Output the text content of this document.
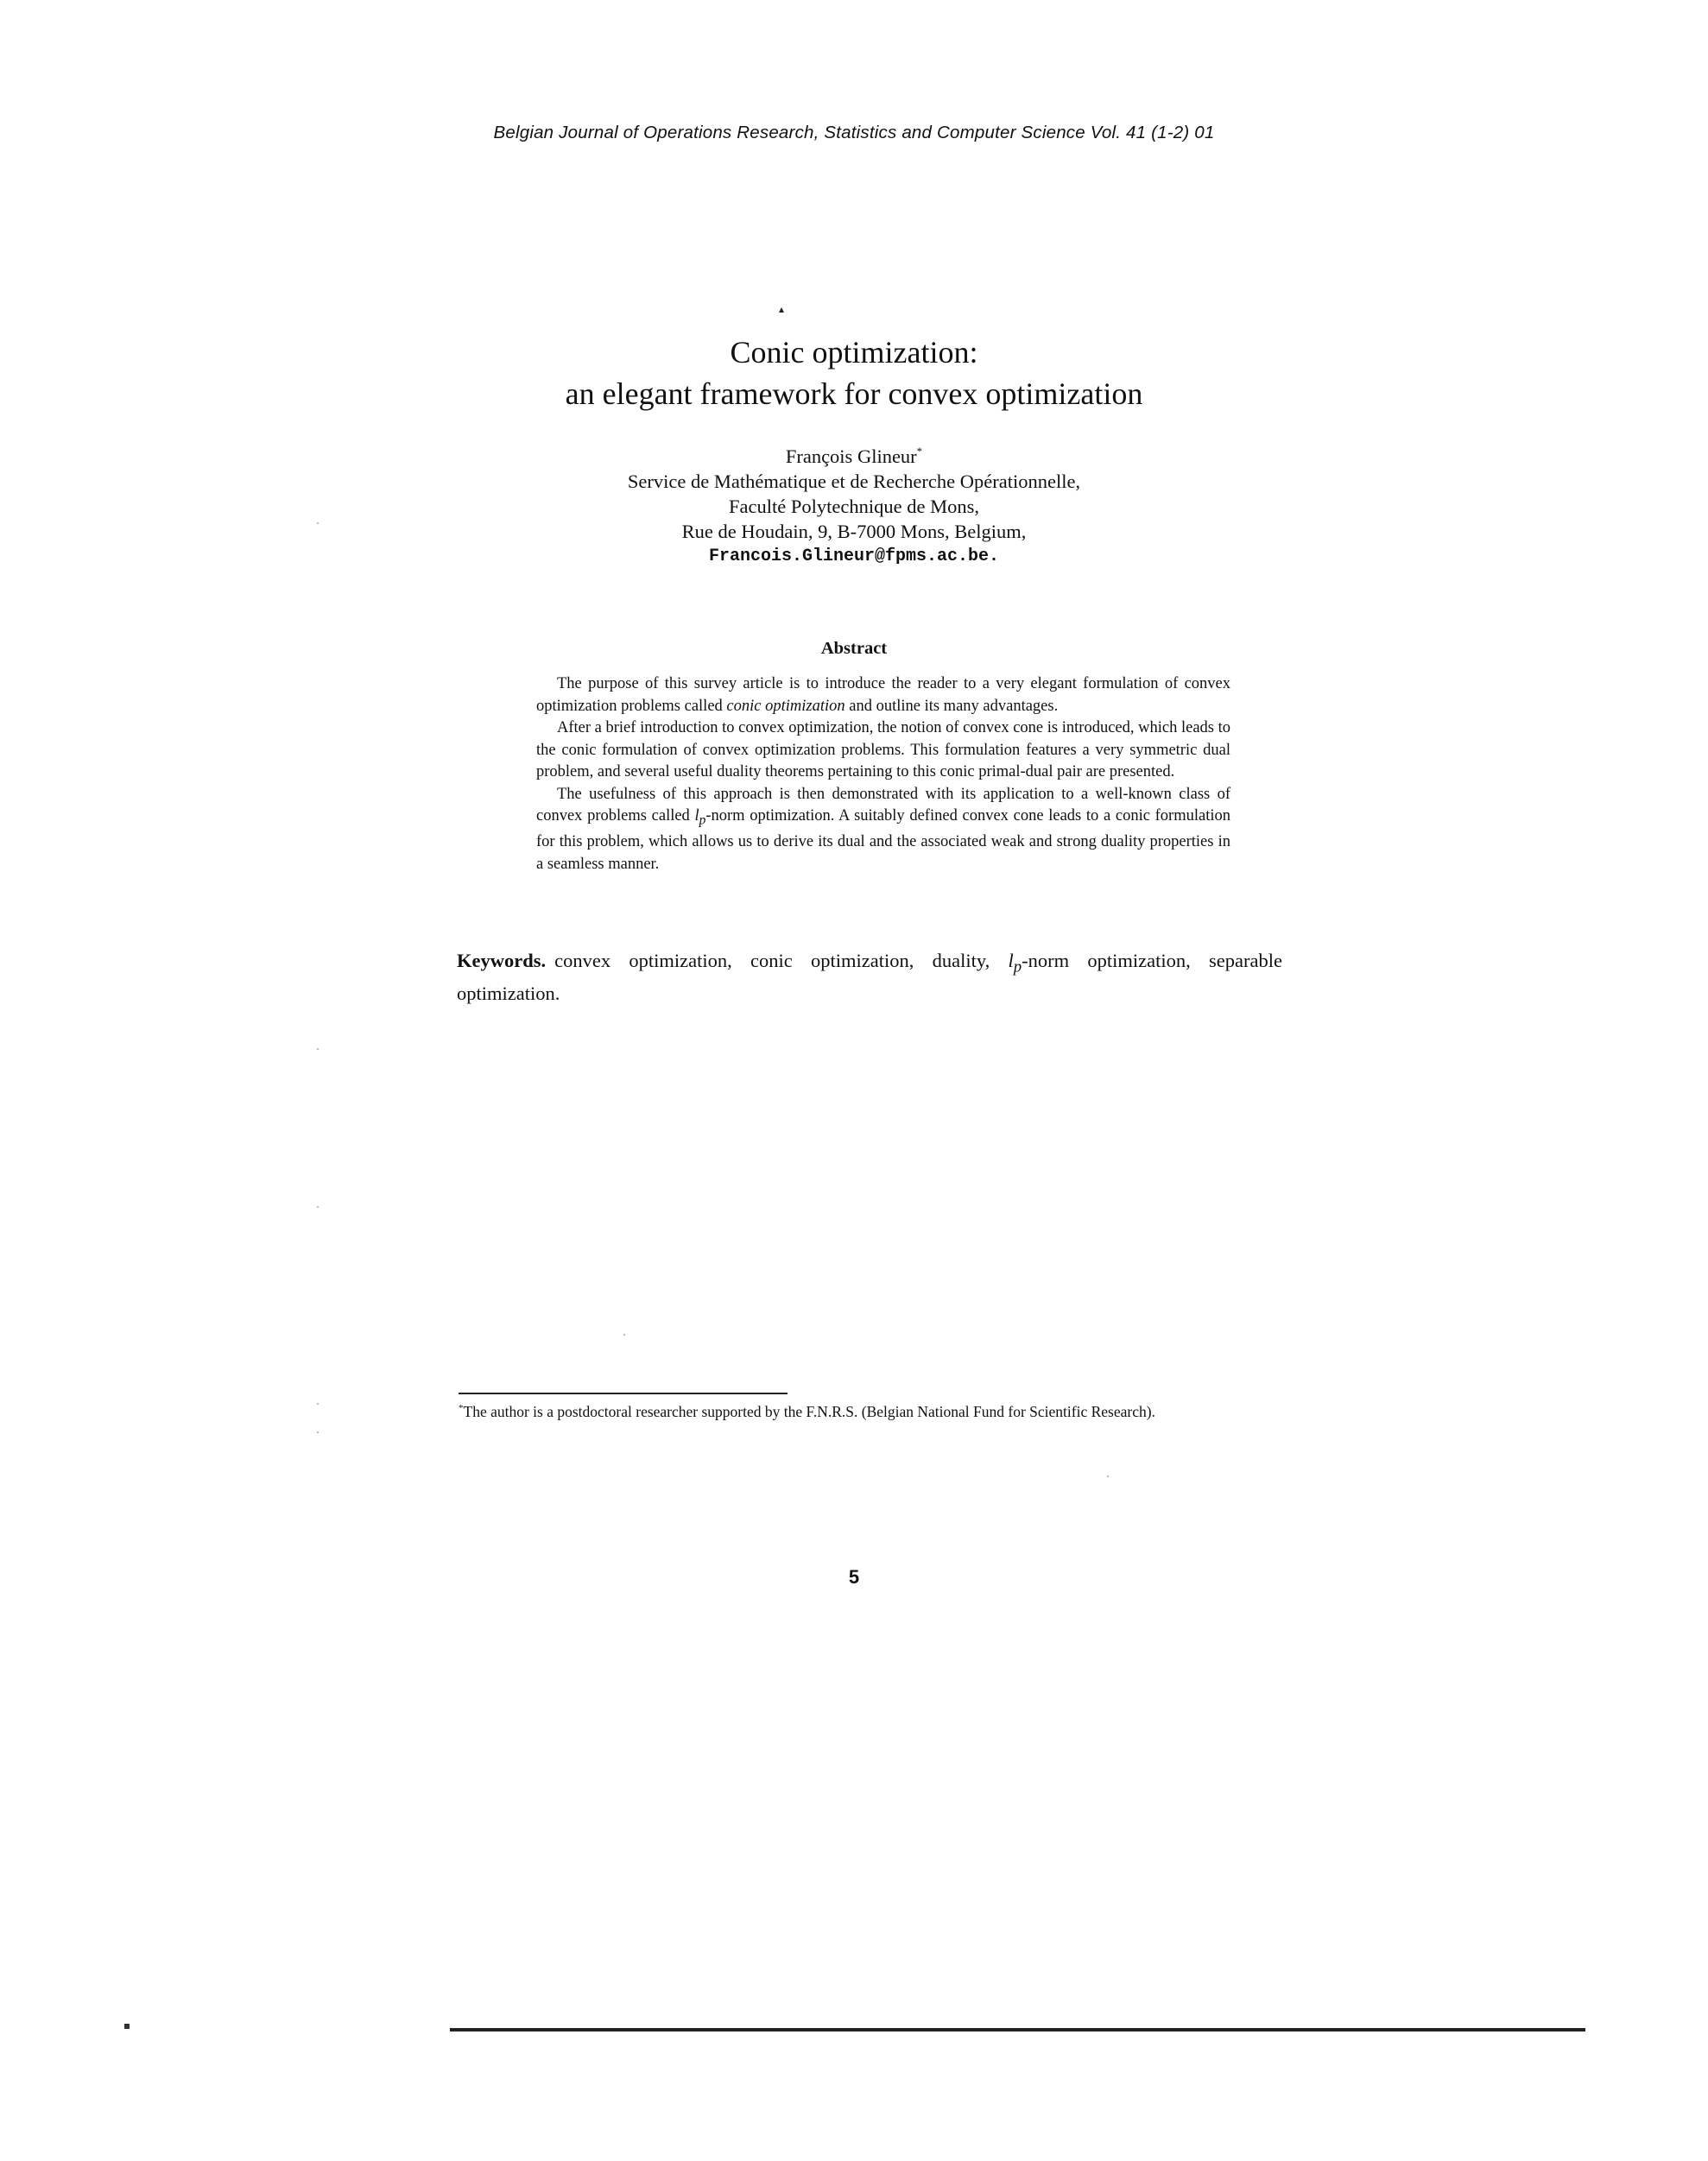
Belgian Journal of Operations Research, Statistics and Computer Science Vol. 41 (1-2) 01
Conic optimization:
an elegant framework for convex optimization
François Glineur*
Service de Mathématique et de Recherche Opérationnelle,
Faculté Polytechnique de Mons,
Rue de Houdain, 9, B-7000 Mons, Belgium,
Francois.Glineur@fpms.ac.be.
Abstract

The purpose of this survey article is to introduce the reader to a very elegant formulation of convex optimization problems called conic optimization and outline its many advantages.

After a brief introduction to convex optimization, the notion of convex cone is introduced, which leads to the conic formulation of convex optimization problems. This formulation features a very symmetric dual problem, and several useful duality theorems pertaining to this conic primal-dual pair are presented.

The usefulness of this approach is then demonstrated with its application to a well-known class of convex problems called $l_p$-norm optimization. A suitably defined convex cone leads to a conic formulation for this problem, which allows us to derive its dual and the associated weak and strong duality properties in a seamless manner.

Keywords. convex optimization, conic optimization, duality, $l_p$-norm optimization, separable optimization.
*The author is a postdoctoral researcher supported by the F.N.R.S. (Belgian National Fund for Scientific Research).
5
